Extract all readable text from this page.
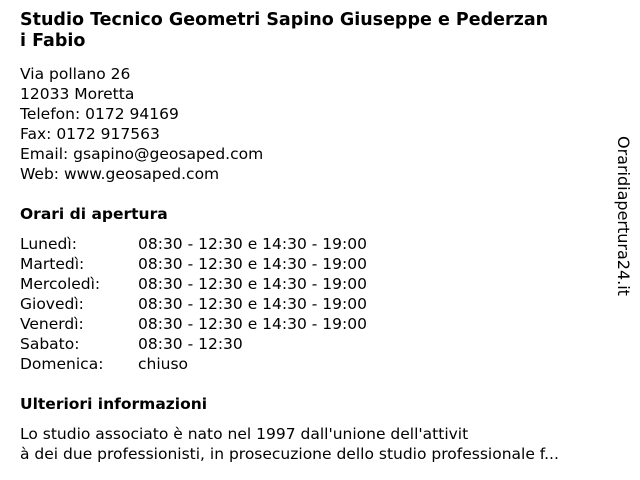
Studio Tecnico Geometri Sapino Giuseppe e Pederzan
i Fabio
Via pollano 26
12033 Moretta
Telefon: 0172 94169
Fax: 0172 917563
Email: gsapino@geosaped.com
Web: www.geosaped.com
Orari di apertura
Lunedì:	08:30 - 12:30 e 14:30 - 19:00
Martedì:	08:30 - 12:30 e 14:30 - 19:00
Mercoledì:	08:30 - 12:30 e 14:30 - 19:00
Giovedì:	08:30 - 12:30 e 14:30 - 19:00
Venerdì:	08:30 - 12:30 e 14:30 - 19:00
Sabato:	08:30 - 12:30
Domenica:	chiuso
Ulteriori informazioni
Lo studio associato è nato nel 1997 dall'unione dell'attivit
à dei due professionisti, in prosecuzione dello studio professionale f...
Oraridiapertura24.it
